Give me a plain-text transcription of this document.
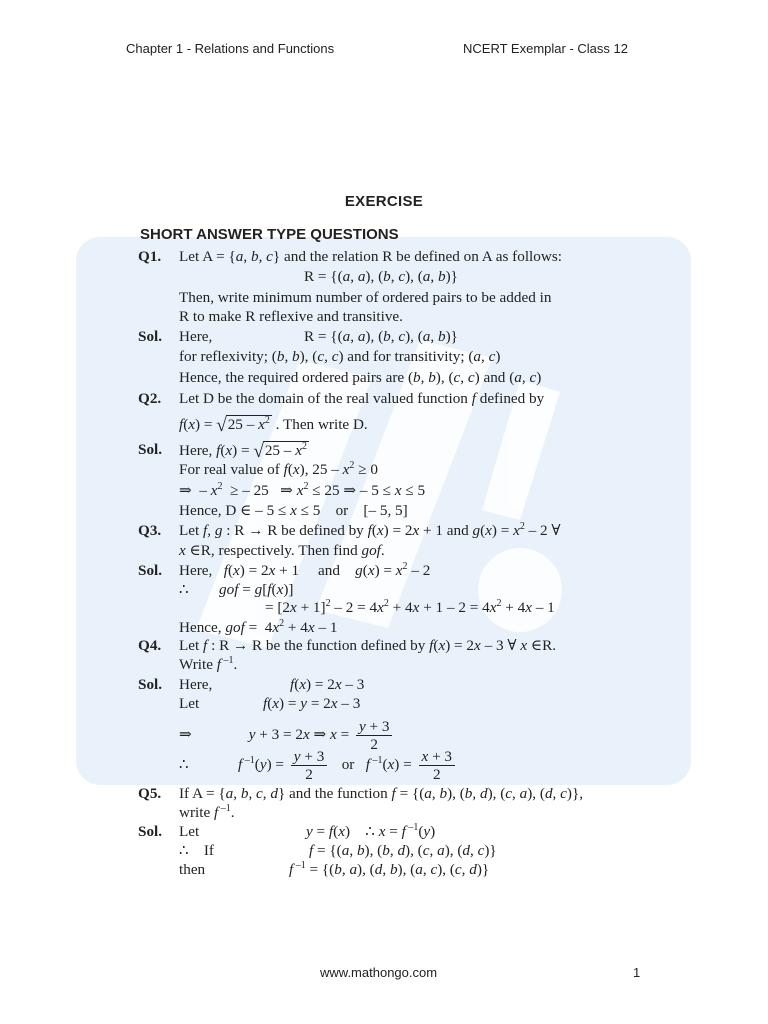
Chapter 1 - Relations and Functions	NCERT Exemplar - Class 12
EXERCISE
SHORT ANSWER TYPE QUESTIONS
Q1. Let A = {a, b, c} and the relation R be defined on A as follows:
R = {(a, a), (b, c), (a, b)}
Then, write minimum number of ordered pairs to be added in
R to make R reflexive and transitive.
Sol. Here,	R = {(a, a), (b, c), (a, b)}
for reflexivity; (b, b), (c, c) and for transitivity; (a, c)
Hence, the required ordered pairs are (b, b), (c, c) and (a, c)
Q2. Let D be the domain of the real valued function f defined by
$f(x) = √25 - x^2$ . Then write D.
Sol. Here, $f(x) = √25 - x^2$
For real value of f(x), $25 - x^2 \ge 0$
⇒  – $x^2$  ≥ – 25   ⇒ $x^2 \le 25$ ⇒ – 5 ≤ x ≤ 5
Hence, D ∈ – 5 ≤ x ≤ 5    or    [– 5, 5]
Q3. Let f, g : R → R be defined by f(x) = 2x + 1 and $g(x) = x^2 - 2$ ∀
x ∈R, respectively. Then find gof.
Sol. Here,   f(x) = 2x + 1     and    $g(x) = x^2 - 2$
∴        gof = g[f(x)]
= $[2x + 1]^2 - 2 = 4x^2 + 4x + 1 - 2 = 4x^2 + 4x - 1$
Hence, gof =  $4x^2 + 4x - 1$
Q4. Let f : R → R be the function defined by f(x) = 2x – 3 ∀ x ∈R.
Write f $^{-1}$.
Sol. Here,	f(x) = 2x – 3
Let	f(x) = y = 2x – 3
⇒               y + 3 = 2x ⇒ $x = \frac{y + 3}{2}$
∴             f $^{-1}(y) = \frac{y + 3}{2}$ or   f $^{-1}(x) = \frac{x + 3}{2}$
Q5. If A = {a, b, c, d} and the function f = {(a, b), (b, d), (c, a), (d, c)},
write f $^{-1}$.
Sol. Let	y = f(x)    ∴ x = f $^{-1}$(y)
∴    If	f = {(a, b), (b, d), (c, a), (d, c)}
then	f $^{-1}$ = {(b, a), (d, b), (a, c), (c, d)}
www.mathongo.com	1
